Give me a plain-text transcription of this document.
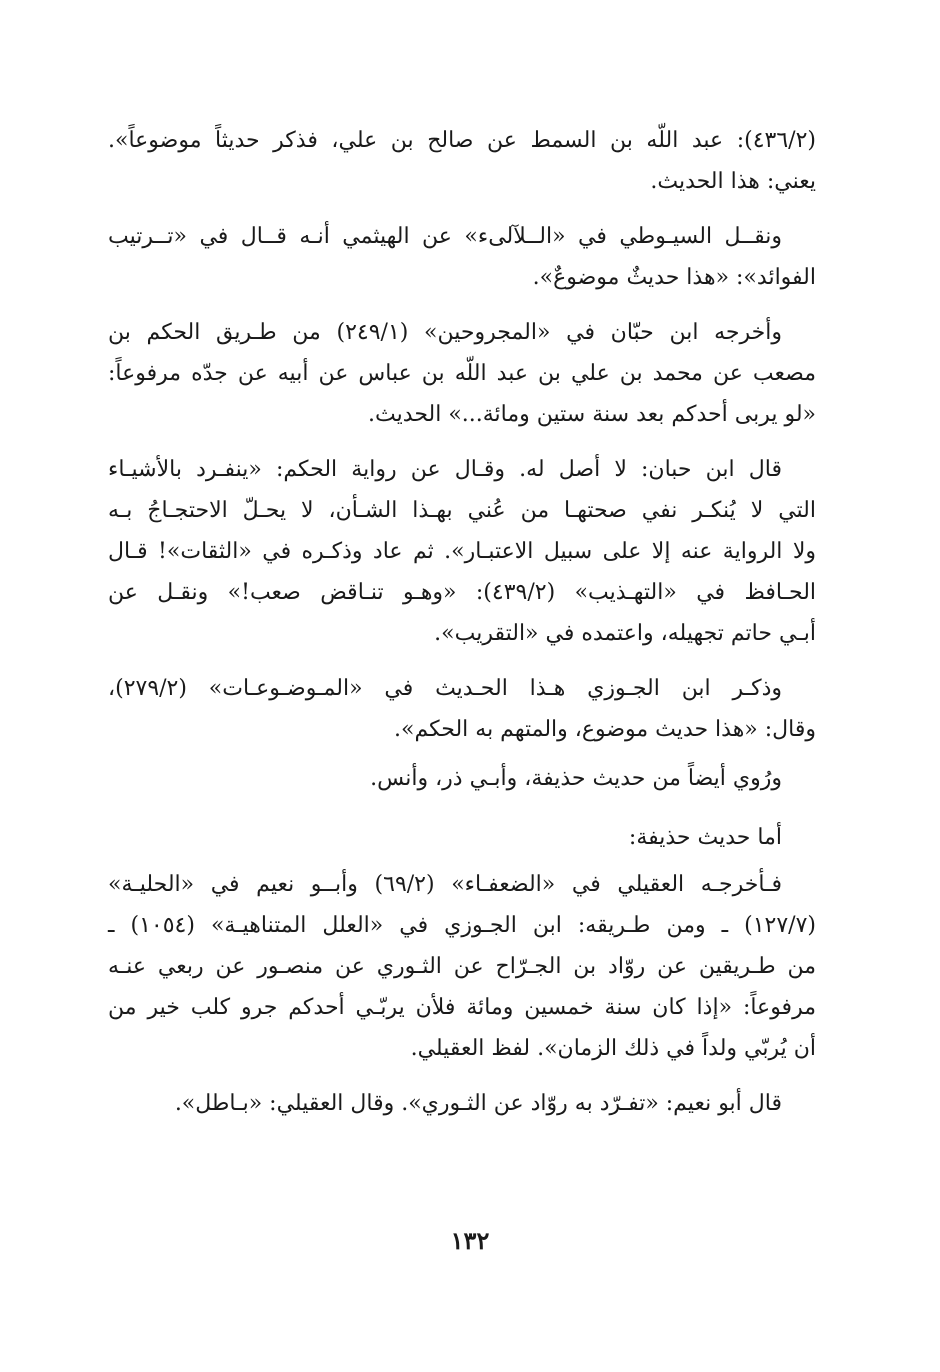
(٤٣٦/٢): عبد اللّه بن السمط عن صالح بن علي، فذكر حديثاً موضوعاً».
يعني: هذا الحديث.
ونقــل السيـوطي في «الــلآلىء» عن الهيثمي أنـه قــال في «تــرتيب
الفوائد»: «هذا حديثٌ موضوعٌ».
وأخرجه ابن حبّان في «المجروحين» (٢٤٩/١) من طـريق الحكم بن
مصعب عن محمد بن علي بن عبد اللّه بن عباس عن أبيه عن جدّه مرفوعاً:
«لو يربى أحدكم بعد سنة ستين ومائة...» الحديث.
قال ابن حبان: لا أصل له. وقـال عن رواية الحكم: «ينفـرد بالأشيـاء
التي لا يُنكـر نفي صحتهـا من عُني بهـذا الشـأن، لا يحـلّ الاحتجـاجُ بـه
ولا الرواية عنه إلا على سبيل الاعتبـار». ثم عاد وذكـره في «الثقات»! قـال
الحـافظ في «التهـذيب» (٤٣٩/٢): «وهـو تنـاقض صعب!» ونقـل عن
أبـي حاتم تجهيله، واعتمده في «التقريب».
وذكـر ابن الجـوزي هـذا الحـديث في «المـوضـوعـات» (٢٧٩/٢)،
وقال: «هذا حديث موضوع، والمتهم به الحكم».
ورُوي أيضاً من حديث حذيفة، وأبـي ذر، وأنس.
أما حديث حذيفة:
فـأخرجـه العقيلي في «الضعفـاء» (٦٩/٢) وأبــو نعيم في «الحليـة»
(١٢٧/٧) ـ ومن طـريقه: ابن الجـوزي في «العلل المتناهيـة» (١٠٥٤) ـ
من طـريقين عن روّاد بن الجـرّاح عن الثـوري عن منصـور عن ربعي عنـه
مرفوعاً: «إذا كان سنة خمسين ومائة فلأن يربّـي أحدكم جرو كلب خير من
أن يُربّي ولداً في ذلك الزمان». لفظ العقيلي.
قال أبو نعيم: «تفـرّد به روّاد عن الثـوري». وقال العقيلي: «بـاطل».
١٣٢
